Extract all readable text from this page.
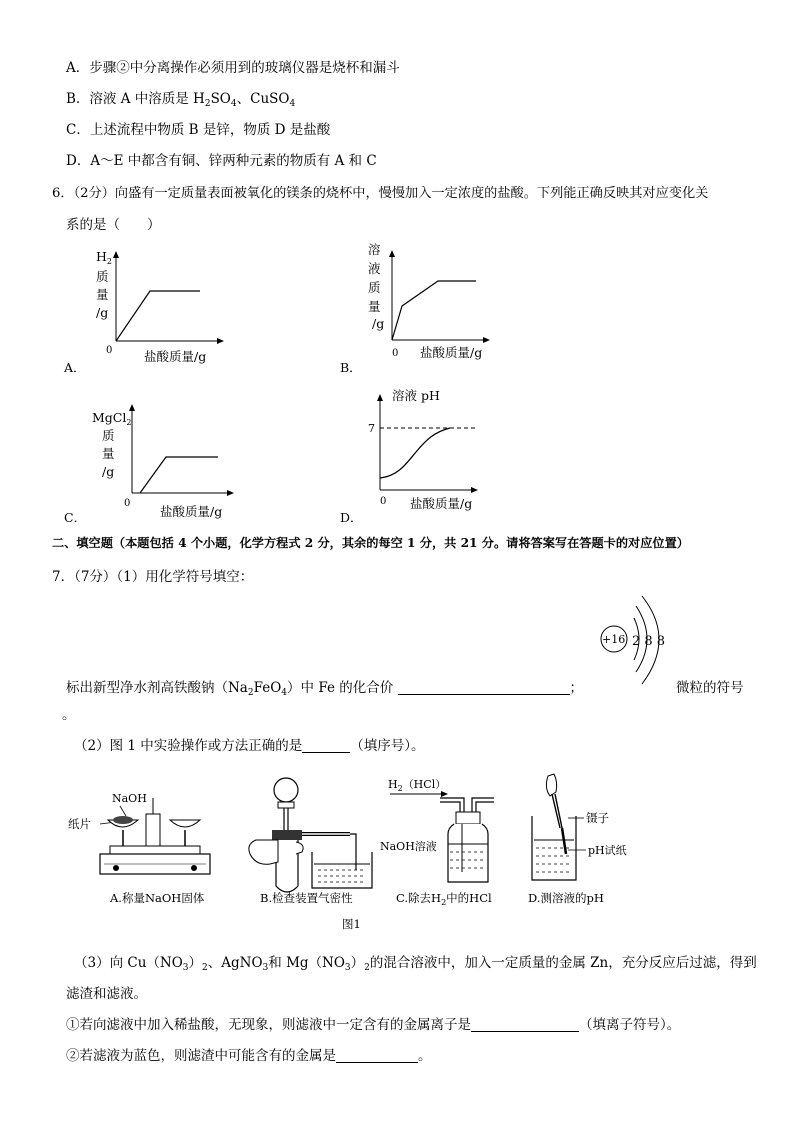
A．步骤②中分离操作必须用到的玻璃仪器是烧杯和漏斗
B．溶液 A 中溶质是 $H_2SO_4$、CuSO$_4$
C．上述流程中物质 B 是锌，物质 D 是盐酸
D．A～E 中都含有铜、锌两种元素的物质有 A 和 C
6．（2分）向盛有一定质量表面被氧化的镁条的烧杯中，慢慢加入一定浓度的盐酸。下列能正确反映其对应变化关
系的是（　　）
$H_2$
质
量
/g
0	盐酸质量/g
A．
溶
液
质
量
/g
0 盐酸质量/g
B．
MgCl$_2$
质
量
/g
0
盐酸质量/g
C．
溶液 pH
7
0 盐酸质量/g
D．
二、填空题（本题包括 4 个小题，化学方程式 2 分，其余的每空 1 分，共 21 分。请将答案写在答题卡的对应位置）
7．（7分）（1）用化学符号填空：
+16 2 8 8
标出新型净水剂高铁酸钠$(Na_2FeO_4)$中 Fe 的化合价	；	微粒的符号
。
（2）图 1 中实验操作或方法正确的是	（填序号）。
NaOH
纸片
A.称量NaOH固体	B.检查装置气密性
$H_2(HCl)$
NaOH溶液
C.除去$H_2$中的HCl
镊子
pH试纸
D.测溶液的pH
图1
（3）向 $Cu(NO_3)_2$、AgNO$_3$和 $Mg(NO_3)_2$的混合溶液中，加入一定质量的金属 Zn，充分反应后过滤，得到
滤渣和滤液。
①若向滤液中加入稀盐酸，无现象，则滤液中一定含有的金属离子是	（填离子符号）。
②若滤液为蓝色，则滤渣中可能含有的金属是	。
